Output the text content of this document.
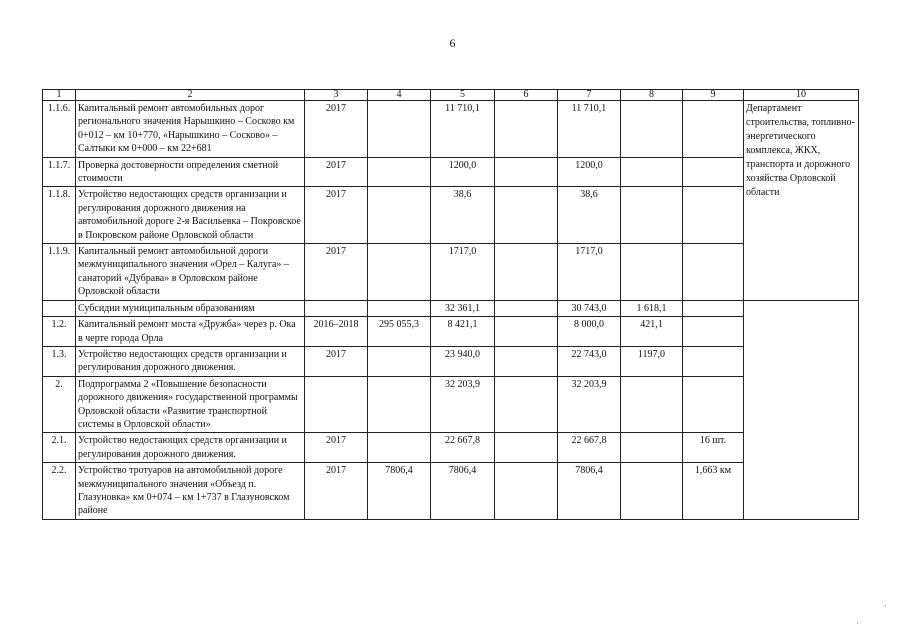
6
1	2	3	4	5	6	7	8	9	10
1.1.6.	Капитальный ремонт автомобильных дорог регионального значения Нарышкино – Сосково км 0+012 – км 10+770, «Нарышкино – Сосково» – Салтыки км 0+000 – км 22+681	2017		11 710,1		11 710,1			Департамент строительства, топливно-энергетического комплекса, ЖКХ, транспорта и дорожного хозяйства Орловской области
1.1.7.	Проверка достоверности определения сметной стоимости	2017		1200,0		1200,0			
1.1.8.	Устройство недостающих средств организации и регулирования дорожного движения на автомобильной дороге 2-я Васильевка – Покровское в Покровском районе Орловской области	2017		38,6		38,6			
1.1.9.	Капитальный ремонт автомобильной дороги межмуниципального значения «Орел – Калуга» – санаторий «Дубрава» в Орловском районе Орловской области	2017		1717,0		1717,0			
	Субсидии муниципальным образованиям			32 361,1		30 743,0	1 618,1		
1.2.	Капитальный ремонт моста «Дружба» через р. Ока в черте города Орла	2016–2018	295 055,3	8 421,1		8 000,0	421,1		
1.3.	Устройство недостающих средств организации и регулирования дорожного движения.	2017		23 940,0		22 743,0	1197,0		
2.	Подпрограмма 2 «Повышение безопасности дорожного движения» государственной программы Орловской области «Развитие транспортной системы в Орловской области»			32 203,9		32 203,9			
2.1.	Устройство недостающих средств организации и регулирования дорожного движения.	2017		22 667,8		22 667,8		16 шт.	
2.2.	Устройство тротуаров на автомобильной дороге межмуниципального значения «Объезд п. Глазуновка» км 0+074 – км 1+737 в Глазуновском районе	2017	7806,4	7806,4		7806,4		1,663 км	
·
·
